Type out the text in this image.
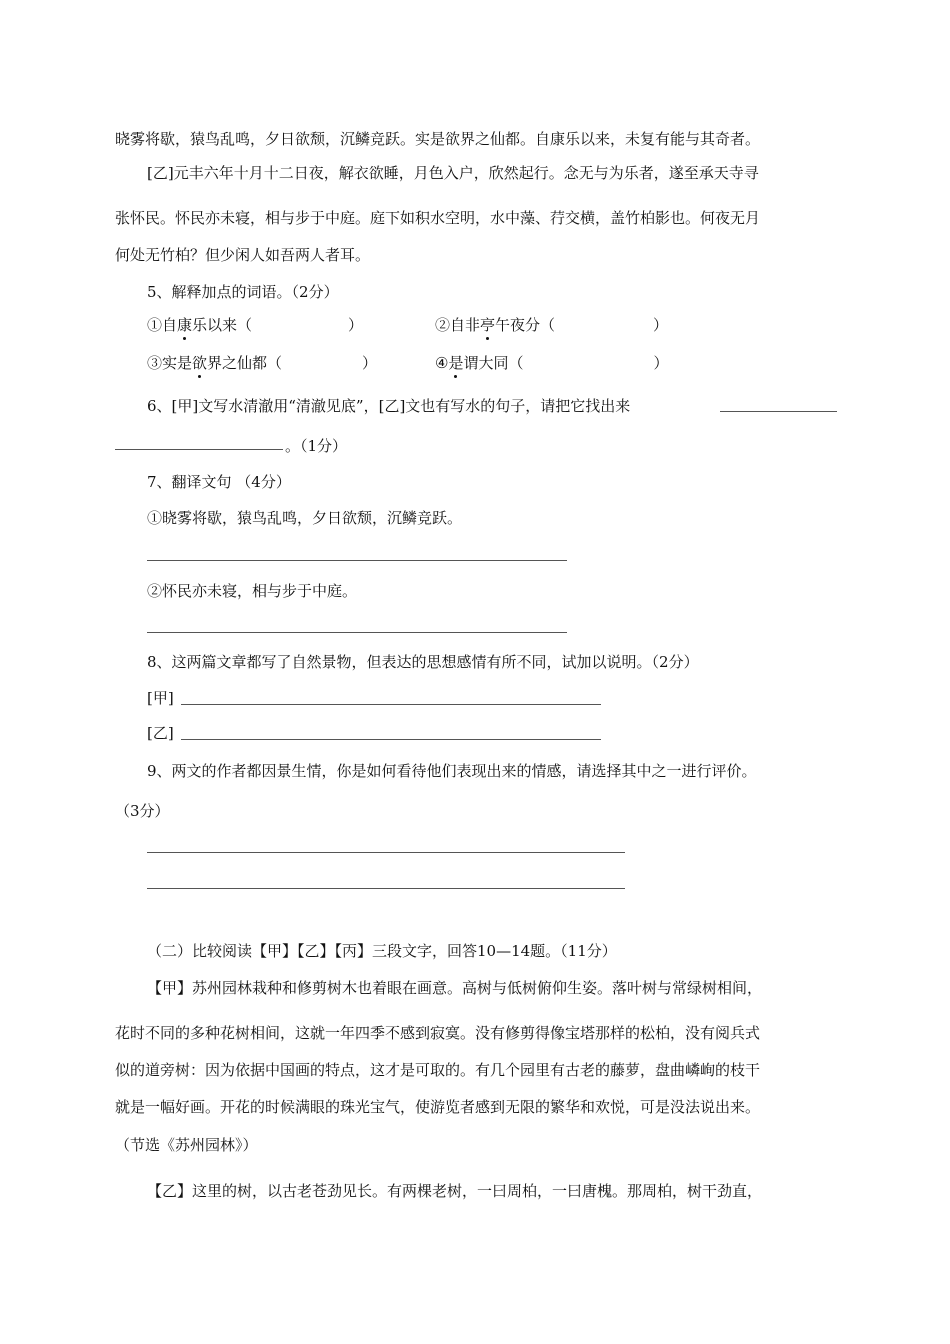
晓雾将歇，猿鸟乱鸣，夕日欲颓，沉鳞竞跃。实是欲界之仙都。自康乐以来，未复有能与其奇者。
[乙]元丰六年十月十二日夜，解衣欲睡，月色入户，欣然起行。念无与为乐者，遂至承天寺寻
张怀民。怀民亦未寝，相与步于中庭。庭下如积水空明，水中藻、荇交横，盖竹柏影也。何夜无月
何处无竹柏？但少闲人如吾两人者耳。
5、解释加点的词语。（2分）
①自康乐以来（	）	②自非亭午夜分（	）
③实是欲界之仙都（	）	④是谓大同（	）
6、[甲]文写水清澈用“清澈见底”，[乙]文也有写水的句子，请把它找出来
。（1分）
7、翻译文句 （4分）
①晓雾将歇，猿鸟乱鸣，夕日欲颓，沉鳞竞跃。
②怀民亦未寝，相与步于中庭。
8、这两篇文章都写了自然景物，但表达的思想感情有所不同，试加以说明。（2分）
[甲]
[乙]
9、两文的作者都因景生情，你是如何看待他们表现出来的情感，请选择其中之一进行评价。
（3分）
（二）比较阅读【甲】【乙】【丙】三段文字，回答10—14题。（11分）
【甲】苏州园林栽种和修剪树木也着眼在画意。高树与低树俯仰生姿。落叶树与常绿树相间，
花时不同的多种花树相间，这就一年四季不感到寂寞。没有修剪得像宝塔那样的松柏，没有阅兵式
似的道旁树：因为依据中国画的特点，这才是可取的。有几个园里有古老的藤萝，盘曲嶙峋的枝干
就是一幅好画。开花的时候满眼的珠光宝气，使游览者感到无限的繁华和欢悦，可是没法说出来。
（节选《苏州园林》）
【乙】这里的树，以古老苍劲见长。有两棵老树，一曰周柏，一曰唐槐。那周柏，树干劲直，
